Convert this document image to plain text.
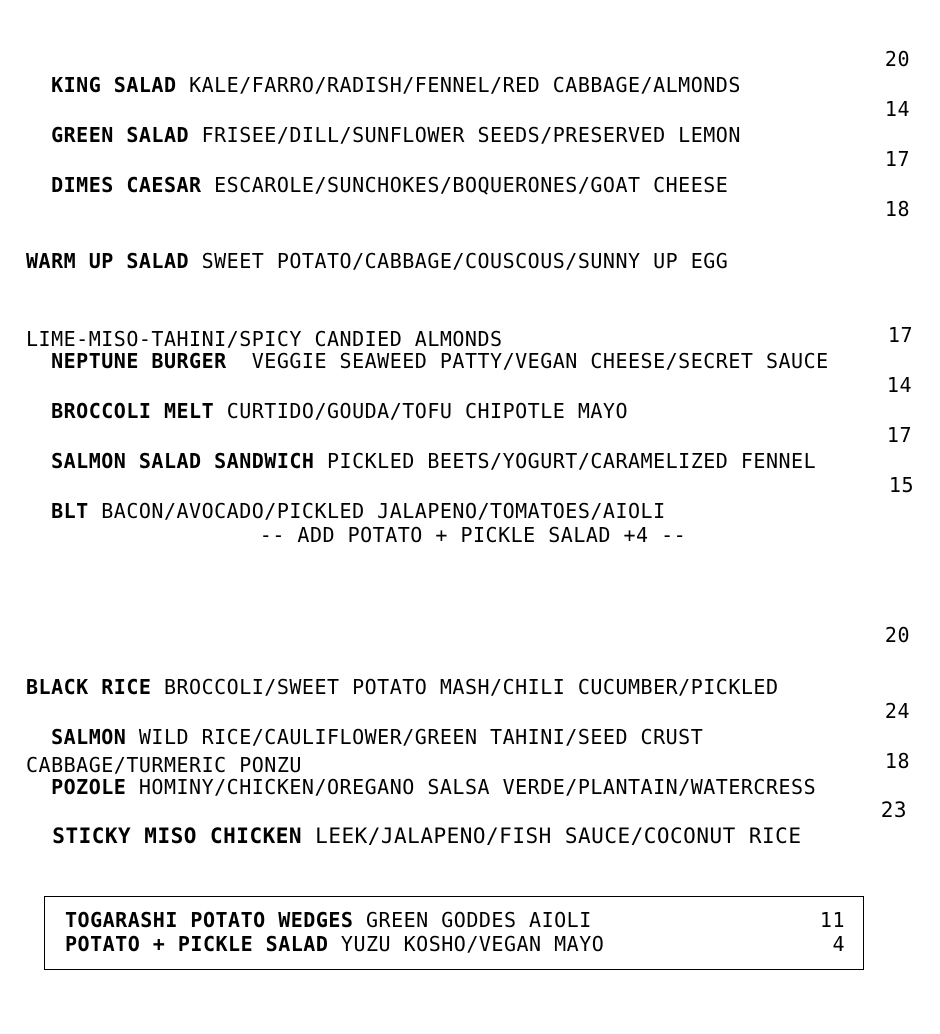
KING SALAD KALE/FARRO/RADISH/FENNEL/RED CABBAGE/ALMONDS

20

GREEN SALAD FRISEE/DILL/SUNFLOWER SEEDS/PRESERVED LEMON

14

DIMES CAESAR ESCAROLE/SUNCHOKES/BOQUERONES/GOAT CHEESE

17

WARM UP SALAD SWEET POTATO/CABBAGE/COUSCOUS/SUNNY UP EGG

LIME-MISO-TAHINI/SPICY CANDIED ALMONDS

18

NEPTUNE BURGER  VEGGIE SEAWEED PATTY/VEGAN CHEESE/SECRET SAUCE

17

BROCCOLI MELT CURTIDO/GOUDA/TOFU CHIPOTLE MAYO

14

SALMON SALAD SANDWICH PICKLED BEETS/YOGURT/CARAMELIZED FENNEL

17

BLT BACON/AVOCADO/PICKLED JALAPENO/TOMATOES/AIOLI

15
-- ADD POTATO + PICKLE SALAD +4 --

BLACK RICE BROCCOLI/SWEET POTATO MASH/CHILI CUCUMBER/PICKLED

CABBAGE/TURMERIC PONZU

20

SALMON WILD RICE/CAULIFLOWER/GREEN TAHINI/SEED CRUST

24

POZOLE HOMINY/CHICKEN/OREGANO SALSA VERDE/PLANTAIN/WATERCRESS

18

STICKY MISO CHICKEN LEEK/JALAPENO/FISH SAUCE/COCONUT RICE

23
TOGARASHI POTATO WEDGES GREEN GODDES AIOLI	11
POTATO + PICKLE SALAD YUZU KOSHO/VEGAN MAYO	4
